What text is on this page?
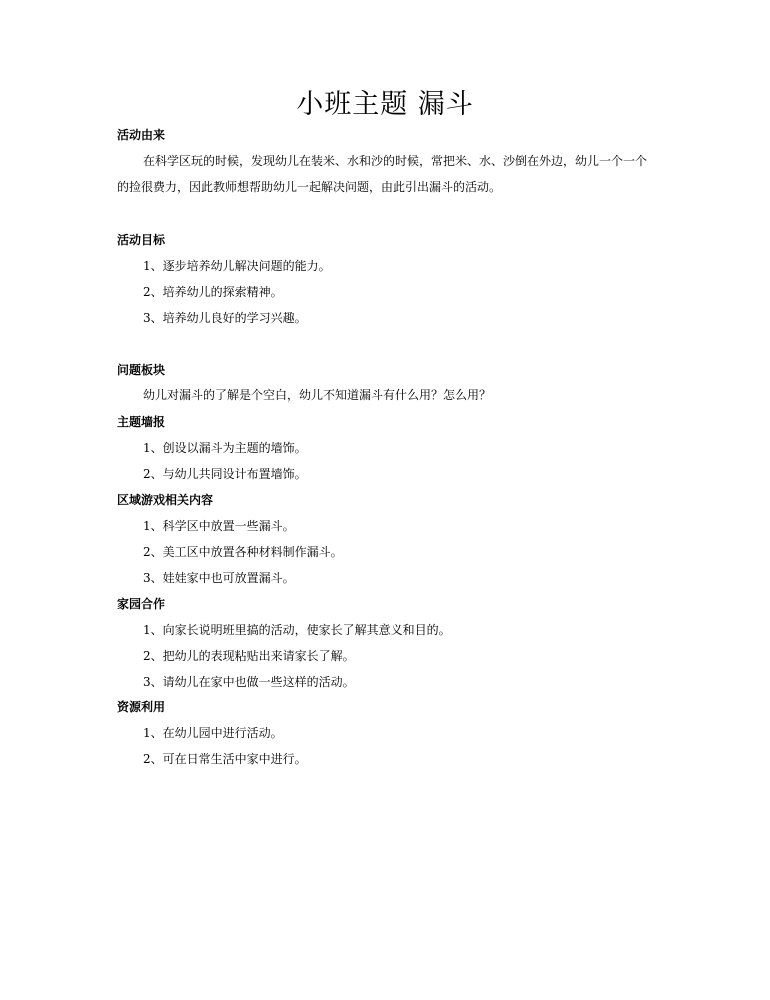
小班主题 漏斗
活动由来
在科学区玩的时候，发现幼儿在装米、水和沙的时候，常把米、水、沙倒在外边，幼儿一个一个的捡很费力，因此教师想帮助幼儿一起解决问题，由此引出漏斗的活动。
活动目标
1、逐步培养幼儿解决问题的能力。
2、培养幼儿的探索精神。
3、培养幼儿良好的学习兴趣。
问题板块
幼儿对漏斗的了解是个空白，幼儿不知道漏斗有什么用？怎么用？
主题墙报
1、创设以漏斗为主题的墙饰。
2、与幼儿共同设计布置墙饰。
区域游戏相关内容
1、科学区中放置一些漏斗。
2、美工区中放置各种材料制作漏斗。
3、娃娃家中也可放置漏斗。
家园合作
1、向家长说明班里搞的活动，使家长了解其意义和目的。
2、把幼儿的表现粘贴出来请家长了解。
3、请幼儿在家中也做一些这样的活动。
资源利用
1、在幼儿园中进行活动。
2、可在日常生活中家中进行。
